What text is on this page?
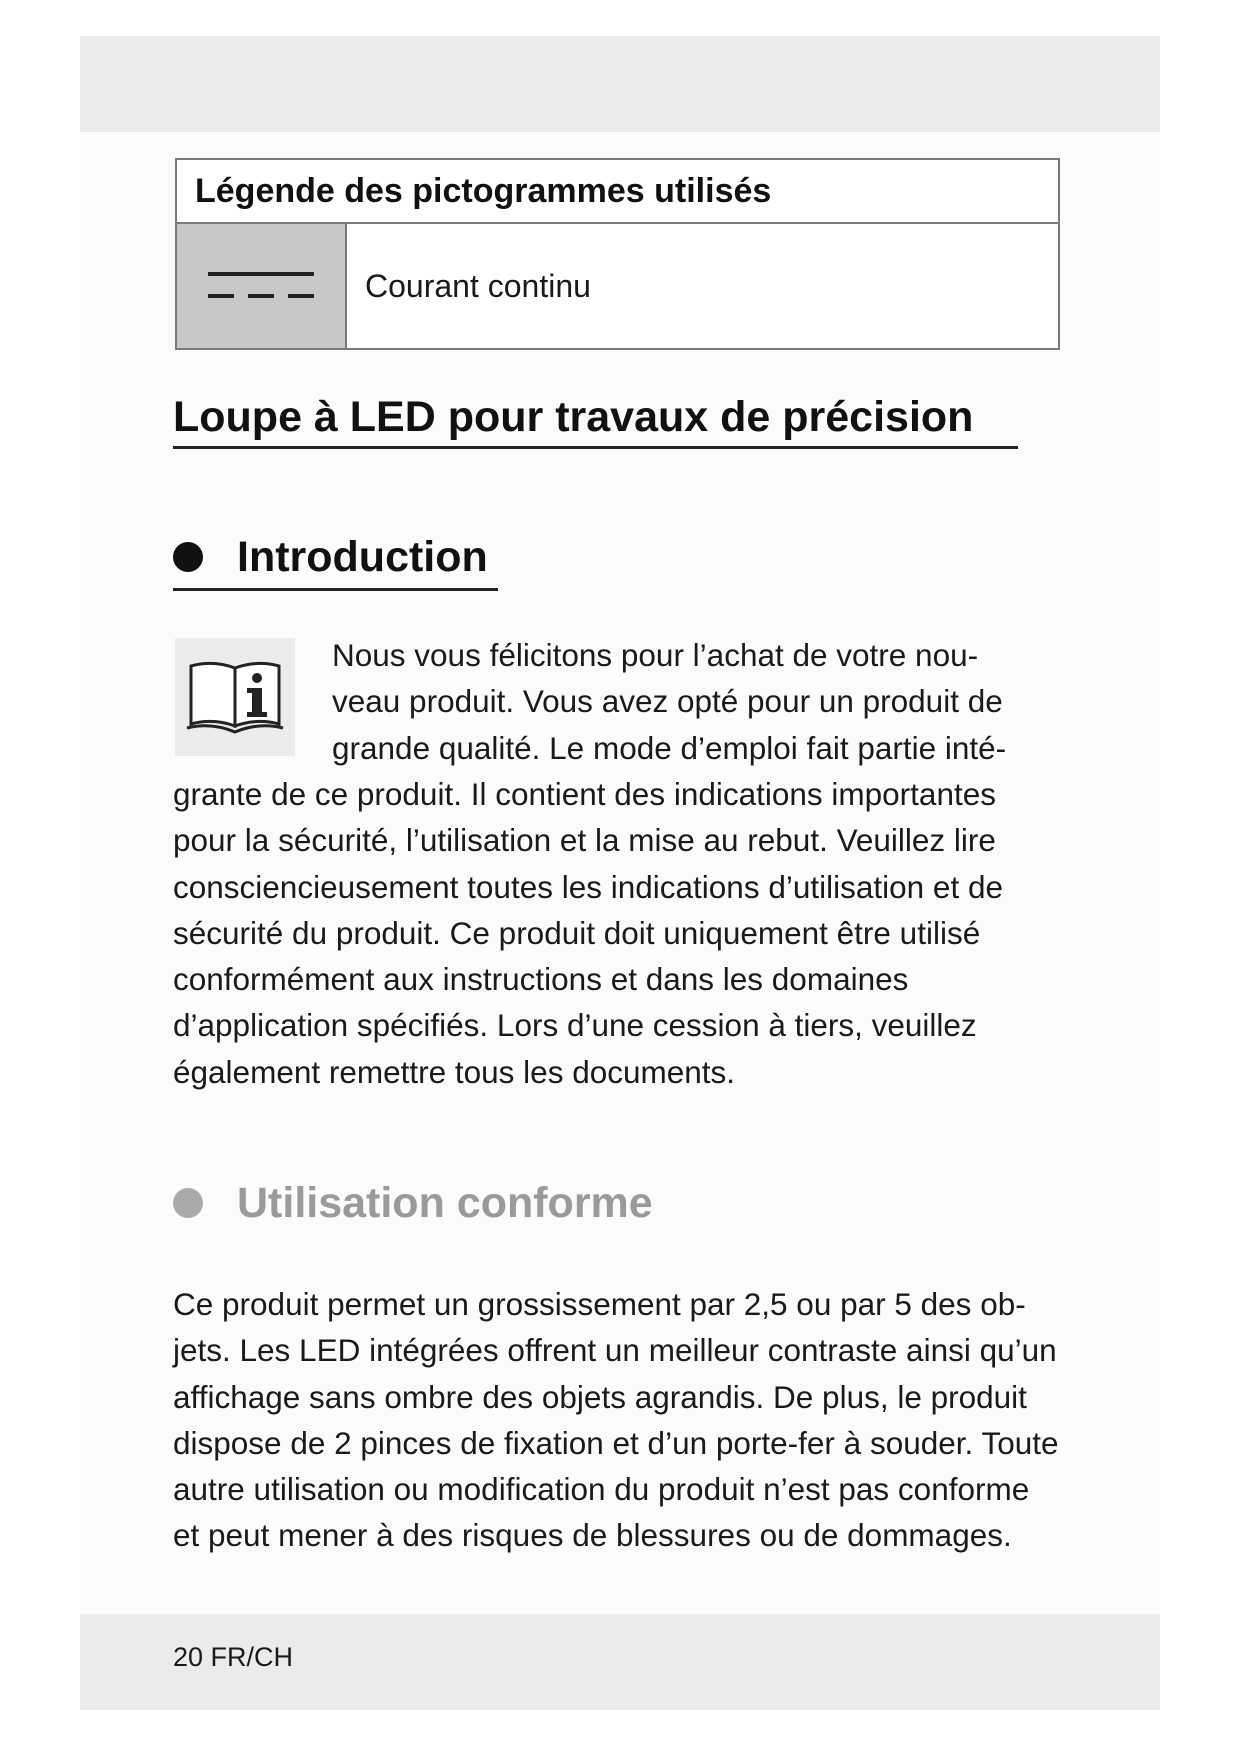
Légende des pictogrammes utilisés
Courant continu
Loupe à LED pour travaux de précision
Introduction
Nous vous félicitons pour l’achat de votre nou-
veau produit. Vous avez opté pour un produit de
grande qualité. Le mode d’emploi fait partie inté-
grante de ce produit. Il contient des indications importantes
pour la sécurité, l’utilisation et la mise au rebut. Veuillez lire
consciencieusement toutes les indications d’utilisation et de
sécurité du produit. Ce produit doit uniquement être utilisé
conformément aux instructions et dans les domaines
d’application spécifiés. Lors d’une cession à tiers, veuillez
également remettre tous les documents.
Utilisation conforme
Ce produit permet un grossissement par 2,5 ou par 5 des ob-
jets. Les LED intégrées offrent un meilleur contraste ainsi qu’un
affichage sans ombre des objets agrandis. De plus, le produit
dispose de 2 pinces de fixation et d’un porte-fer à souder. Toute
autre utilisation ou modification du produit n’est pas conforme
et peut mener à des risques de blessures ou de dommages.
20 FR/CH
